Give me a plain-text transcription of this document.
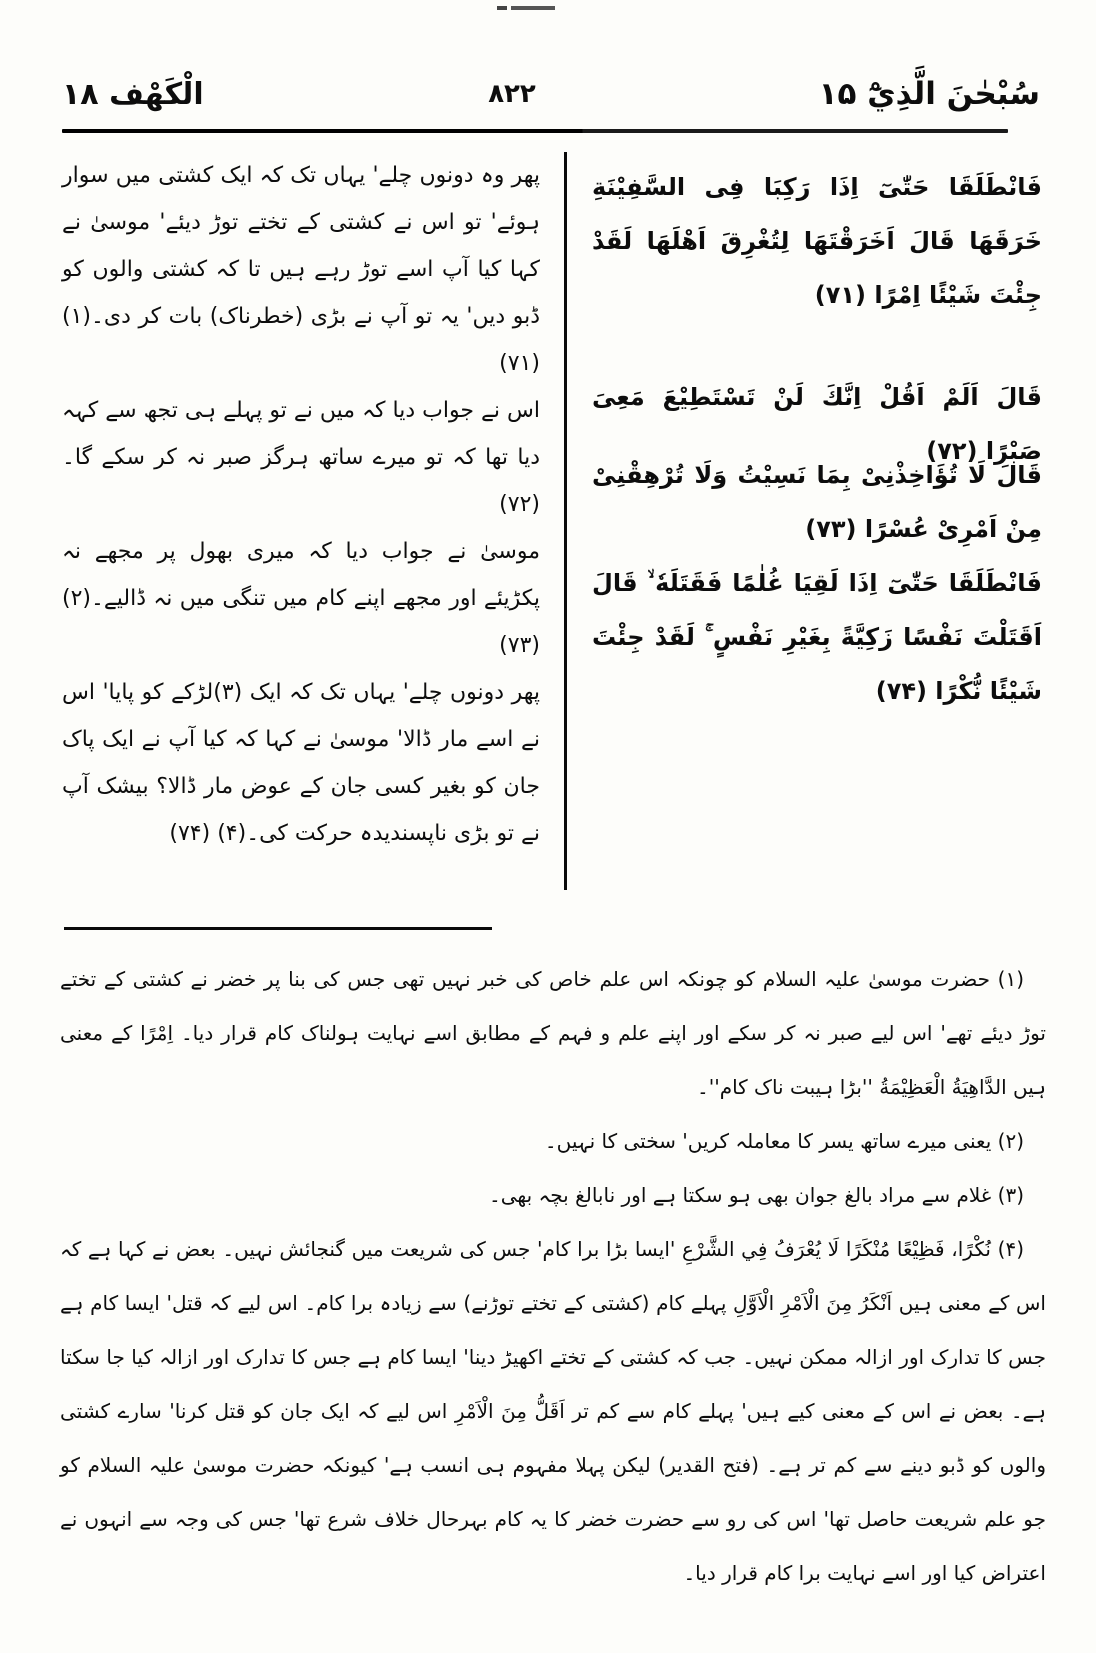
الْكَهْف ۱۸	۸۲۲	سُبْحٰنَ الَّذِيْٓ ۱۵

پھر وہ دونوں چلے' یہاں تک کہ ایک کشتی میں سوار ہوئے' تو اس نے کشتی کے تختے توڑ دیئے' موسیٰ نے کہا کیا آپ اسے توڑ رہے ہیں تا کہ کشتی والوں کو ڈبو دیں' یہ تو آپ نے بڑی (خطرناک) بات کر دی۔(۱) (۷۱)

اس نے جواب دیا کہ میں نے تو پہلے ہی تجھ سے کہہ دیا تھا کہ تو میرے ساتھ ہرگز صبر نہ کر سکے گا۔(۷۲)

موسیٰ نے جواب دیا کہ میری بھول پر مجھے نہ پکڑیئے اور مجھے اپنے کام میں تنگی میں نہ ڈالیے۔(۲) (۷۳)

پھر دونوں چلے' یہاں تک کہ ایک (۳)لڑکے کو پایا' اس نے اسے مار ڈالا' موسیٰ نے کہا کہ کیا آپ نے ایک پاک جان کو بغیر کسی جان کے عوض مار ڈالا؟ بیشک آپ نے تو بڑی ناپسندیدہ حرکت کی۔(۴) (۷۴)

فَانْطَلَقَا حَتّٰىٓ اِذَا رَكِبَا فِى السَّفِيْنَةِ خَرَقَهَا قَالَ اَخَرَقْتَهَا لِتُغْرِقَ اَهْلَهَا لَقَدْ جِئْتَ شَيْئًا اِمْرًا (۷۱)

قَالَ اَلَمْ اَقُلْ اِنَّكَ لَنْ تَسْتَطِيْعَ مَعِىَ صَبْرًا (۷۲)

قَالَ لَا تُؤَاخِذْنِىْ بِمَا نَسِيْتُ وَلَا تُرْهِقْنِىْ مِنْ اَمْرِىْ عُسْرًا (۷۳)

فَانْطَلَقَا حَتّٰىٓ اِذَا لَقِيَا غُلٰمًا فَقَتَلَهٗ ۙ قَالَ اَقَتَلْتَ نَفْسًا زَكِيَّةً بِغَيْرِ نَفْسٍ ۚ لَقَدْ جِئْتَ شَيْئًا نُّكْرًا (۷۴)

(۱) حضرت موسیٰ علیہ السلام کو چونکہ اس علم خاص کی خبر نہیں تھی جس کی بنا پر خضر نے کشتی کے تختے توڑ دیئے تھے' اس لیے صبر نہ کر سکے اور اپنے علم و فہم کے مطابق اسے نہایت ہولناک کام قرار دیا۔ اِمْرًا کے معنی ہیں الدَّاهِيَةُ الْعَظِيْمَةُ ''بڑا ہیبت ناک کام''۔

(۲) یعنی میرے ساتھ یسر کا معاملہ کریں' سختی کا نہیں۔

(۳) غلام سے مراد بالغ جوان بھی ہو سکتا ہے اور نابالغ بچہ بھی۔

(۴) نُكْرًا، فَظِيْعًا مُنْكَرًا لَا يُعْرَفُ فِي الشَّرْعِ 'ایسا بڑا برا کام' جس کی شریعت میں گنجائش نہیں۔ بعض نے کہا ہے کہ اس کے معنی ہیں اَنْكَرُ مِنَ الْاَمْرِ الْاَوَّلِ پہلے کام (کشتی کے تختے توڑنے) سے زیادہ برا کام۔ اس لیے کہ قتل' ایسا کام ہے جس کا تدارک اور ازالہ ممکن نہیں۔ جب کہ کشتی کے تختے اکھیڑ دینا' ایسا کام ہے جس کا تدارک اور ازالہ کیا جا سکتا ہے۔ بعض نے اس کے معنی کیے ہیں' پہلے کام سے کم تر اَقَلُّ مِنَ الْاَمْرِ اس لیے کہ ایک جان کو قتل کرنا' سارے کشتی والوں کو ڈبو دینے سے کم تر ہے۔ (فتح القدیر) لیکن پہلا مفہوم ہی انسب ہے' کیونکہ حضرت موسیٰ علیہ السلام کو جو علم شریعت حاصل تھا' اس کی رو سے حضرت خضر کا یہ کام بہرحال خلاف شرع تھا' جس کی وجہ سے انہوں نے اعتراض کیا اور اسے نہایت برا کام قرار دیا۔
